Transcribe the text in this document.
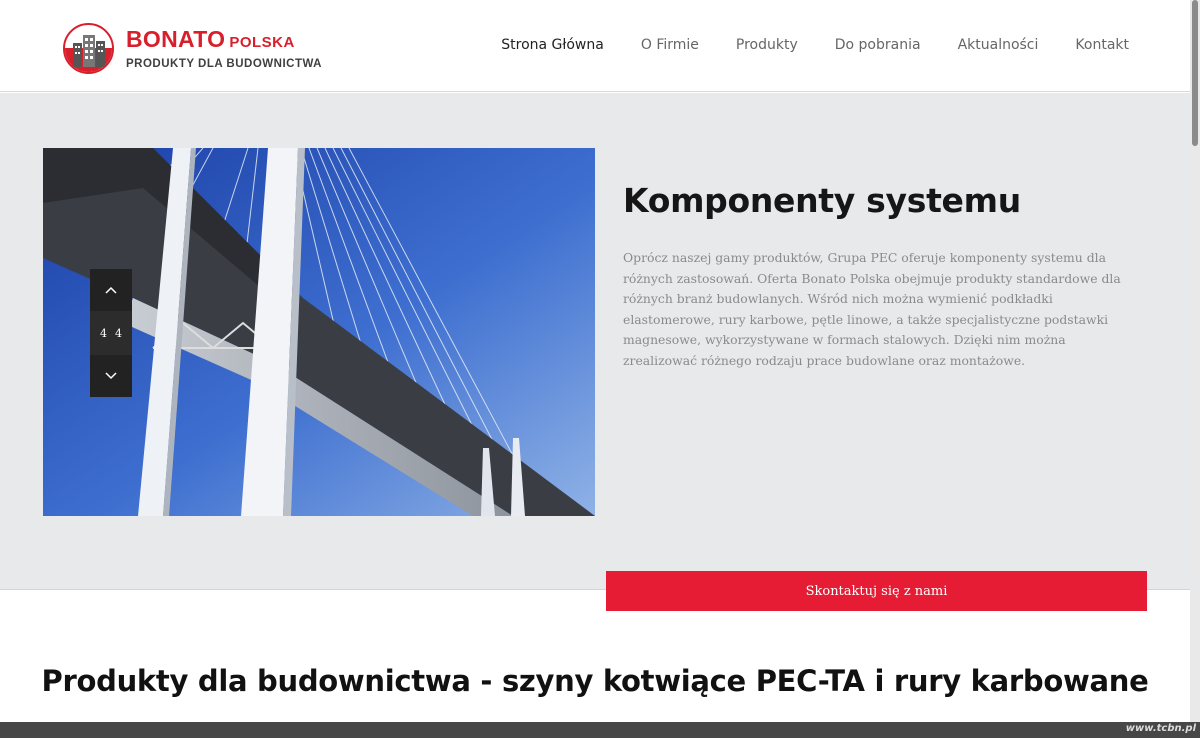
BONATO POLSKA
PRODUKTY DLA BUDOWNICTWA
Strona Główna	O Firmie	Produkty	Do pobrania	Aktualności	Kontakt
4 4
Komponenty systemu
Oprócz naszej gamy produktów, Grupa PEC oferuje komponenty systemu dla różnych zastosowań. Oferta Bonato Polska obejmuje produkty standardowe dla różnych branż budowlanych. Wśród nich można wymienić podkładki elastomerowe, rury karbowe, pętle linowe, a także specjalistyczne podstawki magnesowe, wykorzystywane w formach stalowych. Dzięki nim można zrealizować różnego rodzaju prace budowlane oraz montażowe.
Skontaktuj się z nami
Produkty dla budownictwa - szyny kotwiące PEC-TA i rury karbowane
www.tcbn.pl
